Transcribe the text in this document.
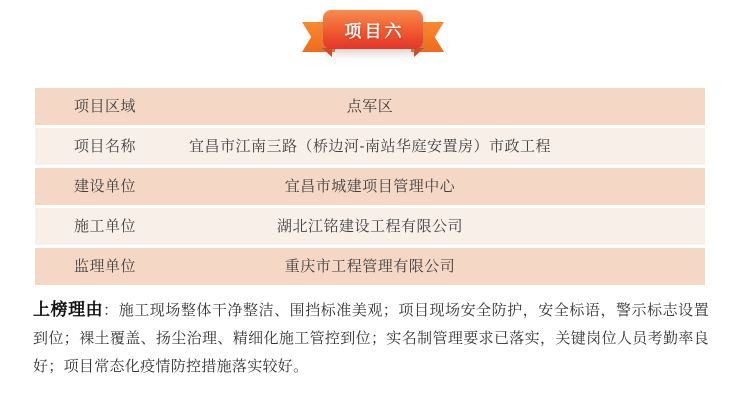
项目六
点军区
项目区域
宜昌市江南三路（桥边河-南站华庭安置房）市政工程
项目名称
宜昌市城建项目管理中心
建设单位
湖北江铭建设工程有限公司
施工单位
重庆市工程管理有限公司
监理单位

上榜理由：施工现场整体干净整洁、围挡标准美观；项目现场安全防护，安全标语，警示标志设置到位；裸土覆盖、扬尘治理、精细化施工管控到位；实名制管理要求已落实，关键岗位人员考勤率良好；项目常态化疫情防控措施落实较好。
